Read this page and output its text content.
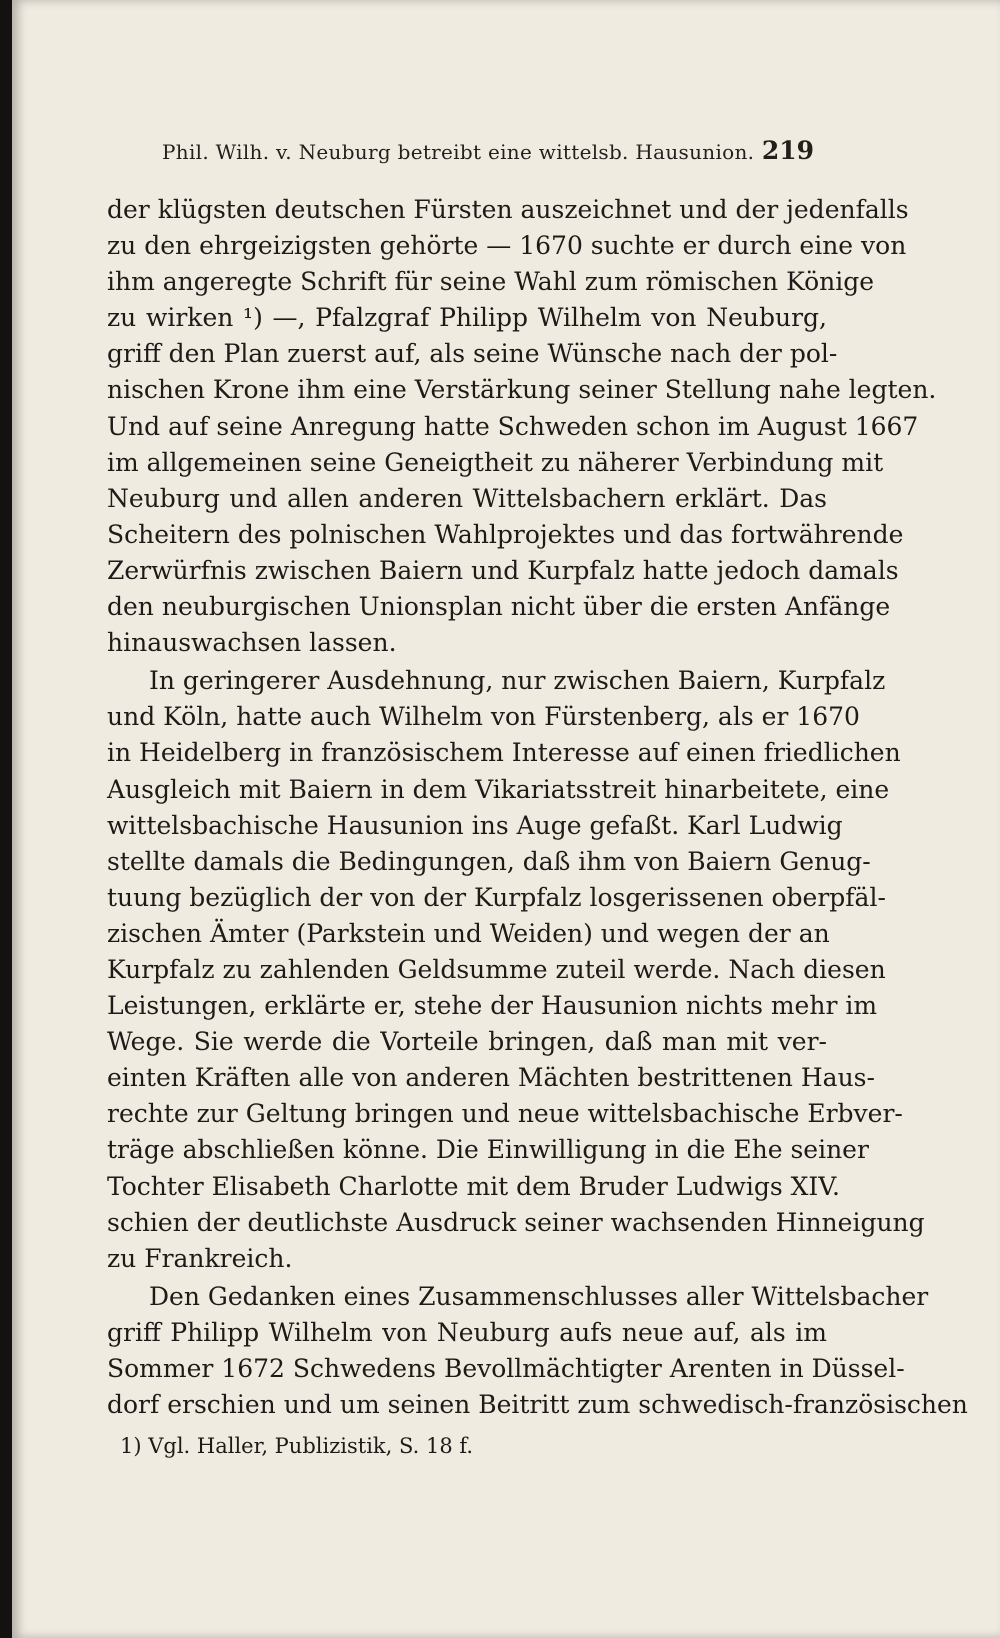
Phil. Wilh. v. Neuburg betreibt eine wittelsb. Hausunion. 219
der klügsten deutschen Fürsten auszeichnet und der jedenfalls
zu den ehrgeizigsten gehörte — 1670 suchte er durch eine von
ihm angeregte Schrift für seine Wahl zum römischen Könige
zu wirken ¹) —, Pfalzgraf Philipp Wilhelm von Neuburg,
griff den Plan zuerst auf, als seine Wünsche nach der pol-
nischen Krone ihm eine Verstärkung seiner Stellung nahe legten.
Und auf seine Anregung hatte Schweden schon im August 1667
im allgemeinen seine Geneigtheit zu näherer Verbindung mit
Neuburg und allen anderen Wittelsbachern erklärt. Das
Scheitern des polnischen Wahlprojektes und das fortwährende
Zerwürfnis zwischen Baiern und Kurpfalz hatte jedoch damals
den neuburgischen Unionsplan nicht über die ersten Anfänge
hinauswachsen lassen.
In geringerer Ausdehnung, nur zwischen Baiern, Kurpfalz
und Köln, hatte auch Wilhelm von Fürstenberg, als er 1670
in Heidelberg in französischem Interesse auf einen friedlichen
Ausgleich mit Baiern in dem Vikariatsstreit hinarbeitete, eine
wittelsbachische Hausunion ins Auge gefaßt. Karl Ludwig
stellte damals die Bedingungen, daß ihm von Baiern Genug-
tuung bezüglich der von der Kurpfalz losgerissenen oberpfäl-
zischen Ämter (Parkstein und Weiden) und wegen der an
Kurpfalz zu zahlenden Geldsumme zuteil werde. Nach diesen
Leistungen, erklärte er, stehe der Hausunion nichts mehr im
Wege. Sie werde die Vorteile bringen, daß man mit ver-
einten Kräften alle von anderen Mächten bestrittenen Haus-
rechte zur Geltung bringen und neue wittelsbachische Erbver-
träge abschließen könne. Die Einwilligung in die Ehe seiner
Tochter Elisabeth Charlotte mit dem Bruder Ludwigs XIV.
schien der deutlichste Ausdruck seiner wachsenden Hinneigung
zu Frankreich.
Den Gedanken eines Zusammenschlusses aller Wittelsbacher
griff Philipp Wilhelm von Neuburg aufs neue auf, als im
Sommer 1672 Schwedens Bevollmächtigter Arenten in Düssel-
dorf erschien und um seinen Beitritt zum schwedisch-französischen
1) Vgl. Haller, Publizistik, S. 18 f.
